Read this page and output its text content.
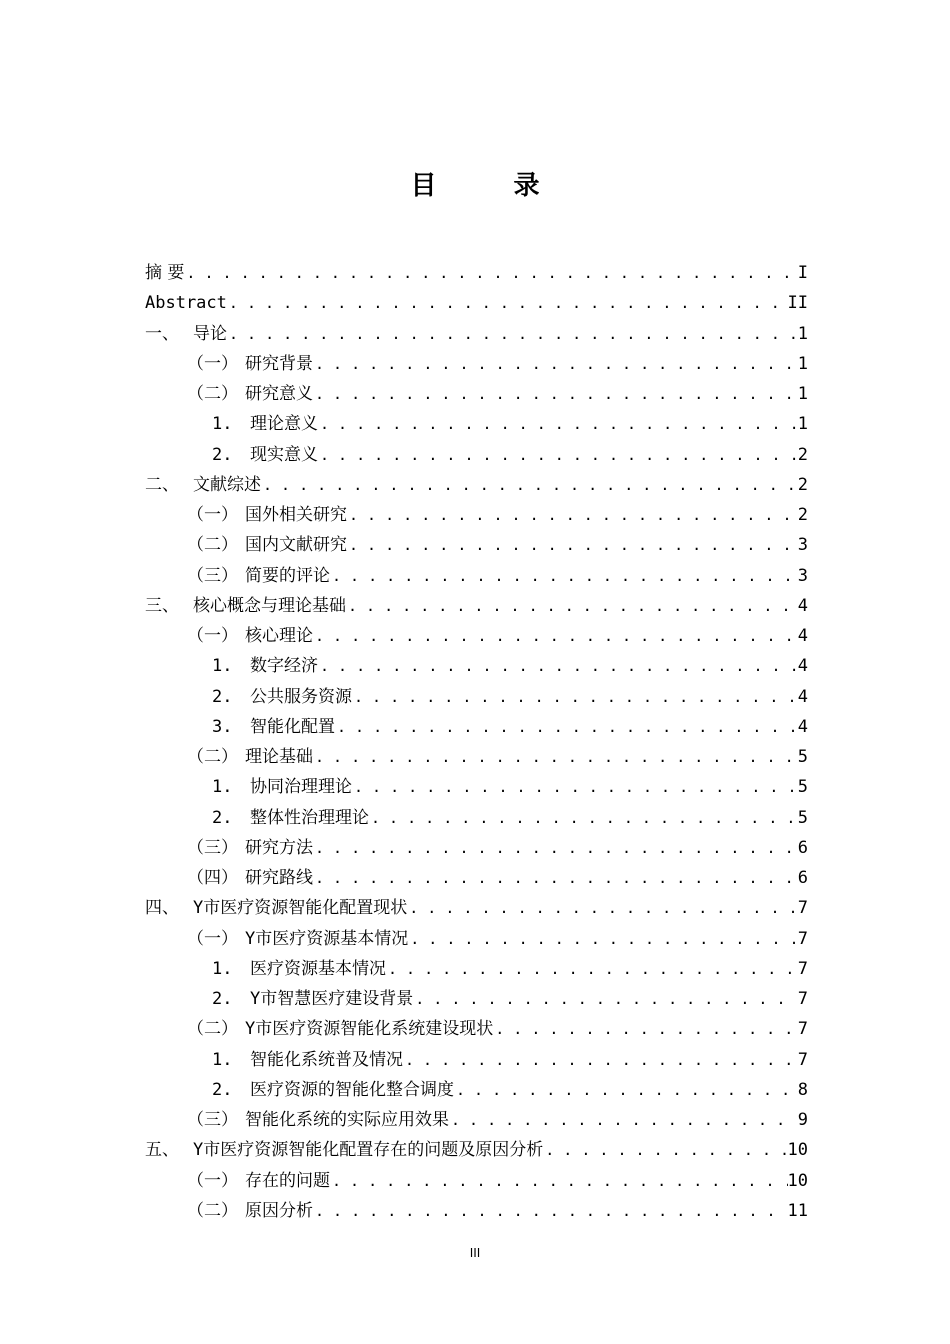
目 录
摘 要 . . .	I
Abstract . . .	II
一、 导论 . . .	1
（一） 研究背景 . . .	1
（二） 研究意义 . . .	1
1.	理论意义 . . .	1
2.	现实意义 . . .	2
二、 文献综述 . . .	2
（一） 国外相关研究 . . .	2
（二） 国内文献研究 . . .	3
（三） 简要的评论 . . .	3
三、 核心概念与理论基础 . . .	4
（一） 核心理论 . . .	4
1.	数字经济 . . .	4
2.	公共服务资源 . . .	4
3.	智能化配置 . . .	4
（二） 理论基础 . . .	5
1.	协同治理理论 . . .	5
2.	整体性治理理论 . . .	5
（三） 研究方法 . . .	6
（四） 研究路线 . . .	6
四、 Y市医疗资源智能化配置现状 . . .	7
（一） Y市医疗资源基本情况 . . .	7
1.	医疗资源基本情况 . . .	7
2.	Y市智慧医疗建设背景 . . .	7
（二） Y市医疗资源智能化系统建设现状 . . .	7
1.	智能化系统普及情况 . . .	7
2.	医疗资源的智能化整合调度 . . .	8
（三） 智能化系统的实际应用效果 . . .	9
五、 Y市医疗资源智能化配置存在的问题及原因分析 . . .	10
（一） 存在的问题 . . .	10
（二） 原因分析 . . .	11
III
